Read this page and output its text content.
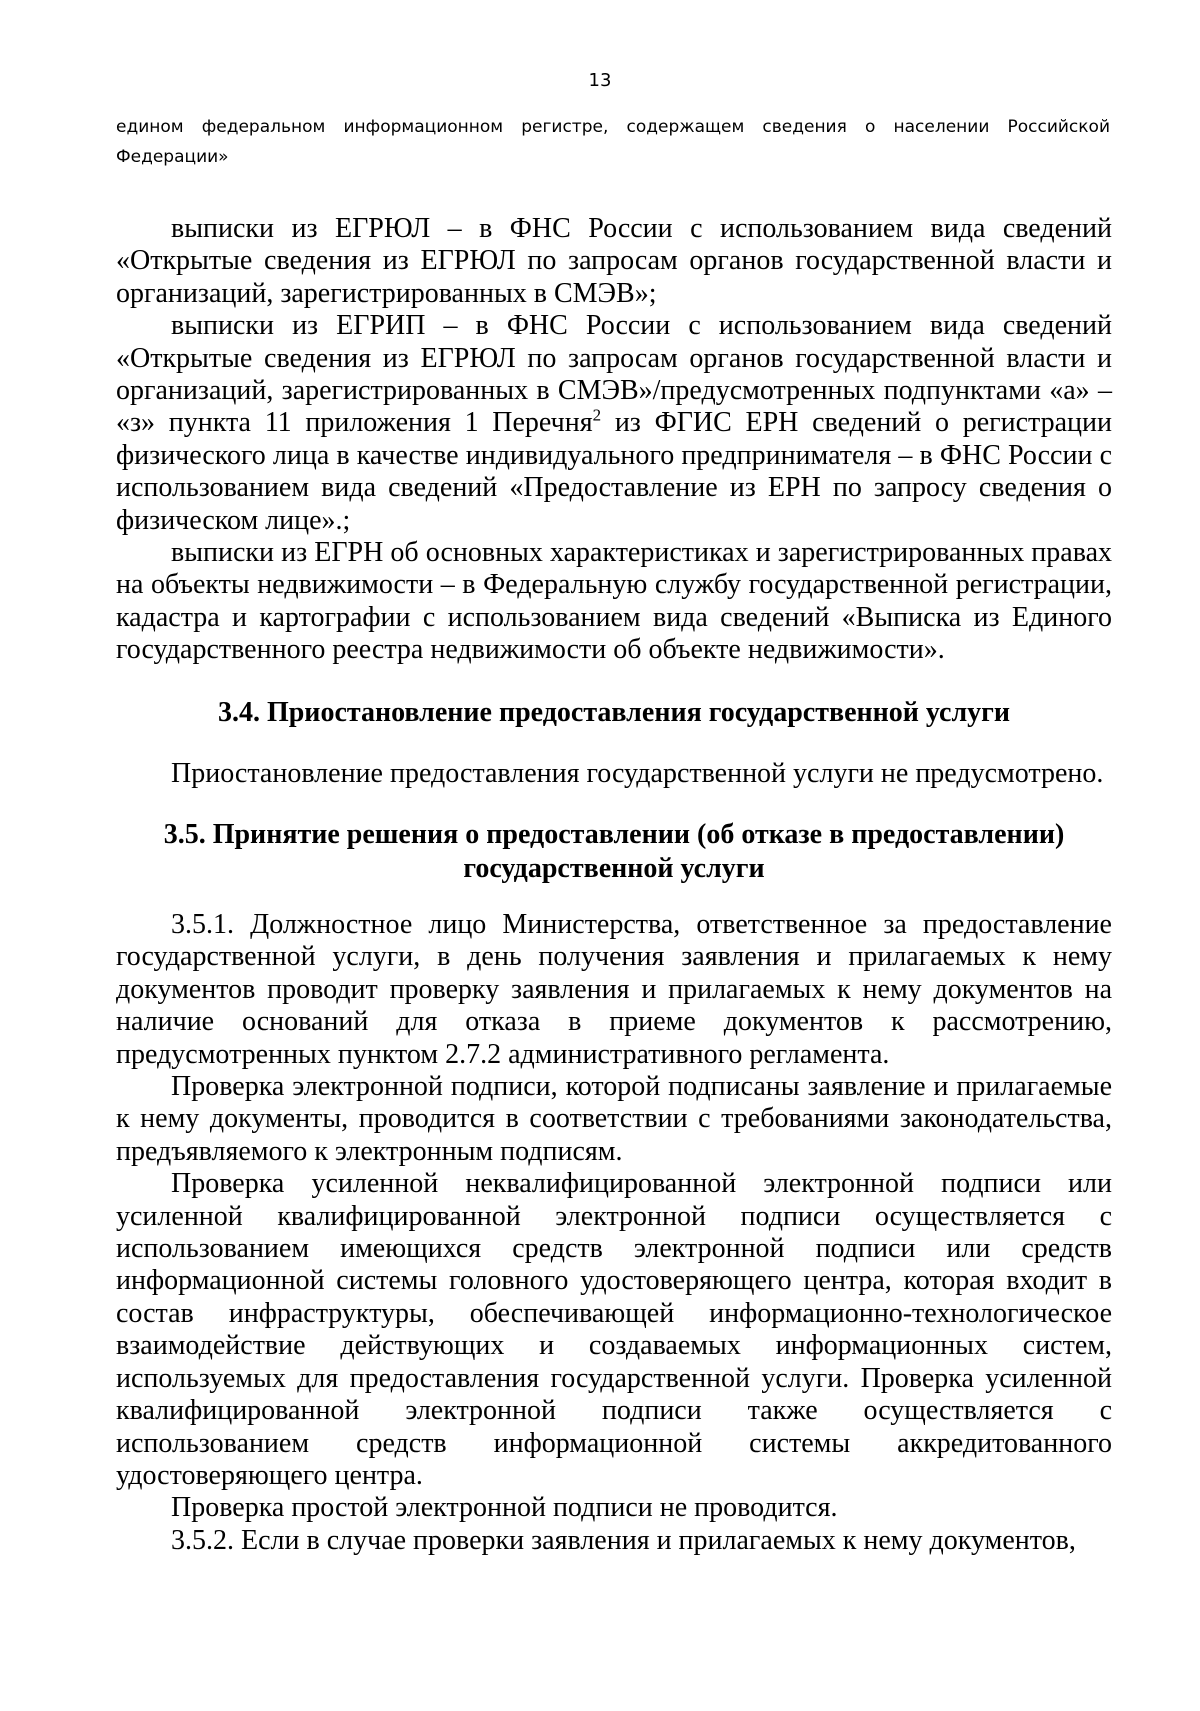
13
едином федеральном информационном регистре, содержащем сведения о населении Российской Федерации»

выписки из ЕГРЮЛ – в ФНС России с использованием вида сведений «Открытые сведения из ЕГРЮЛ по запросам органов государственной власти и организаций, зарегистрированных в СМЭВ»;

выписки из ЕГРИП – в ФНС России с использованием вида сведений «Открытые сведения из ЕГРЮЛ по запросам органов государственной власти и организаций, зарегистрированных в СМЭВ»/предусмотренных подпунктами «а» – «з» пункта 11 приложения 1 Перечня$^2$ из ФГИС ЕРН сведений о регистрации физического лица в качестве индивидуального предпринимателя – в ФНС России с использованием вида сведений «Предоставление из ЕРН по запросу сведения о физическом лице».;

выписки из ЕГРН об основных характеристиках и зарегистрированных правах на объекты недвижимости – в Федеральную службу государственной регистрации, кадастра и картографии с использованием вида сведений «Выписка из Единого государственного реестра недвижимости об объекте недвижимости».

3.4. Приостановление предоставления государственной услуги

Приостановление предоставления государственной услуги не предусмотрено.

3.5. Принятие решения о предоставлении (об отказе в предоставлении)
государственной услуги

3.5.1. Должностное лицо Министерства, ответственное за предоставление государственной услуги, в день получения заявления и прилагаемых к нему документов проводит проверку заявления и прилагаемых к нему документов на наличие оснований для отказа в приеме документов к рассмотрению, предусмотренных пунктом 2.7.2 административного регламента.

Проверка электронной подписи, которой подписаны заявление и прилагаемые к нему документы, проводится в соответствии с требованиями законодательства, предъявляемого к электронным подписям.

Проверка усиленной неквалифицированной электронной подписи или усиленной квалифицированной электронной подписи осуществляется с использованием имеющихся средств электронной подписи или средств информационной системы головного удостоверяющего центра, которая входит в состав инфраструктуры, обеспечивающей информационно-технологическое взаимодействие действующих и создаваемых информационных систем, используемых для предоставления государственной услуги. Проверка усиленной квалифицированной электронной подписи также осуществляется с использованием средств информационной системы аккредитованного удостоверяющего центра.

Проверка простой электронной подписи не проводится.

3.5.2. Если в случае проверки заявления и прилагаемых к нему документов,
